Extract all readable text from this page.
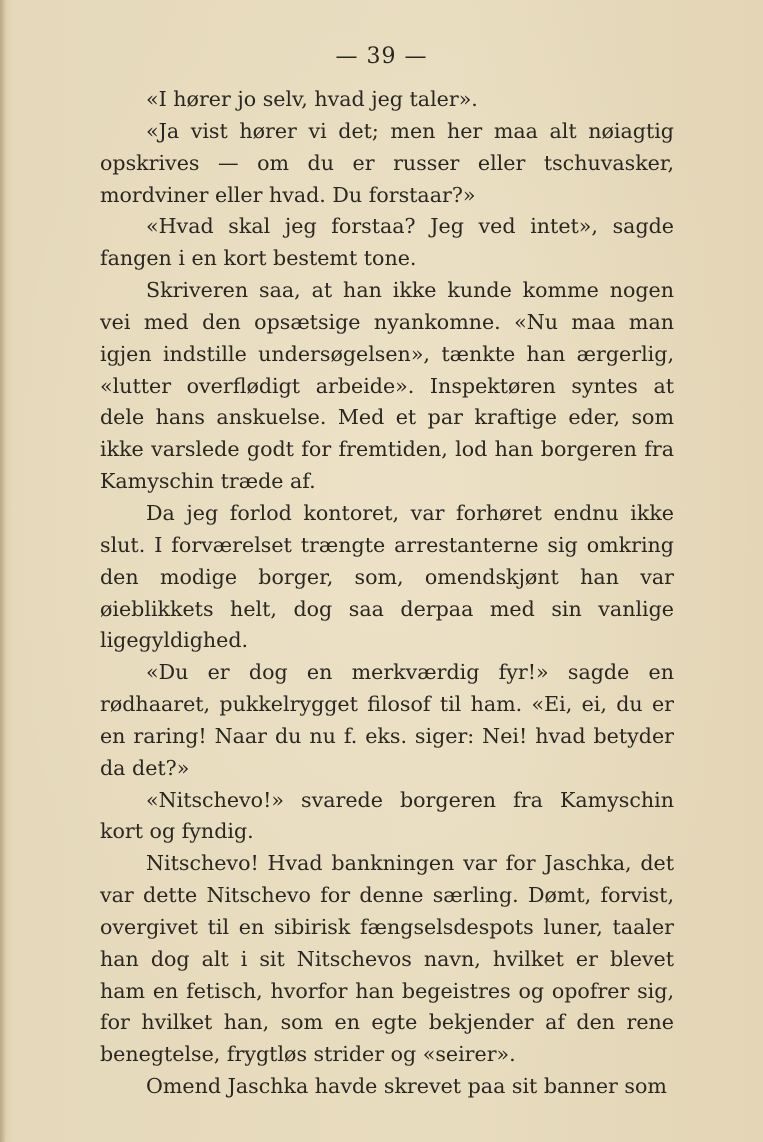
— 39 —

«I hører jo selv, hvad jeg taler».

«Ja vist hører vi det; men her maa alt nøiagtig opskrives — om du er russer eller tschuvasker, mordviner eller hvad. Du forstaar?»

«Hvad skal jeg forstaa? Jeg ved intet», sagde fangen i en kort bestemt tone.

Skriveren saa, at han ikke kunde komme nogen vei med den opsætsige nyankomne. «Nu maa man igjen indstille undersøgelsen», tænkte han ærgerlig, «lutter overflødigt arbeide». Inspektøren syntes at dele hans anskuelse. Med et par kraftige eder, som ikke varslede godt for fremtiden, lod han borgeren fra Kamyschin træde af.

Da jeg forlod kontoret, var forhøret endnu ikke slut. I forværelset trængte arrestanterne sig omkring den modige borger, som, omendskjønt han var øieblikkets helt, dog saa derpaa med sin vanlige ligegyldighed.

«Du er dog en merkværdig fyr!» sagde en rødhaaret, pukkelrygget filosof til ham. «Ei, ei, du er en raring! Naar du nu f. eks. siger: Nei! hvad betyder da det?»

«Nitschevo!» svarede borgeren fra Kamyschin kort og fyndig.

Nitschevo! Hvad bankningen var for Jaschka, det var dette Nitschevo for denne særling. Dømt, forvist, overgivet til en sibirisk fængselsdespots luner, taaler han dog alt i sit Nitschevos navn, hvilket er blevet ham en fetisch, hvorfor han begeistres og opofrer sig, for hvilket han, som en egte bekjender af den rene benegtelse, frygtløs strider og «seirer».

Omend Jaschka havde skrevet paa sit banner som
